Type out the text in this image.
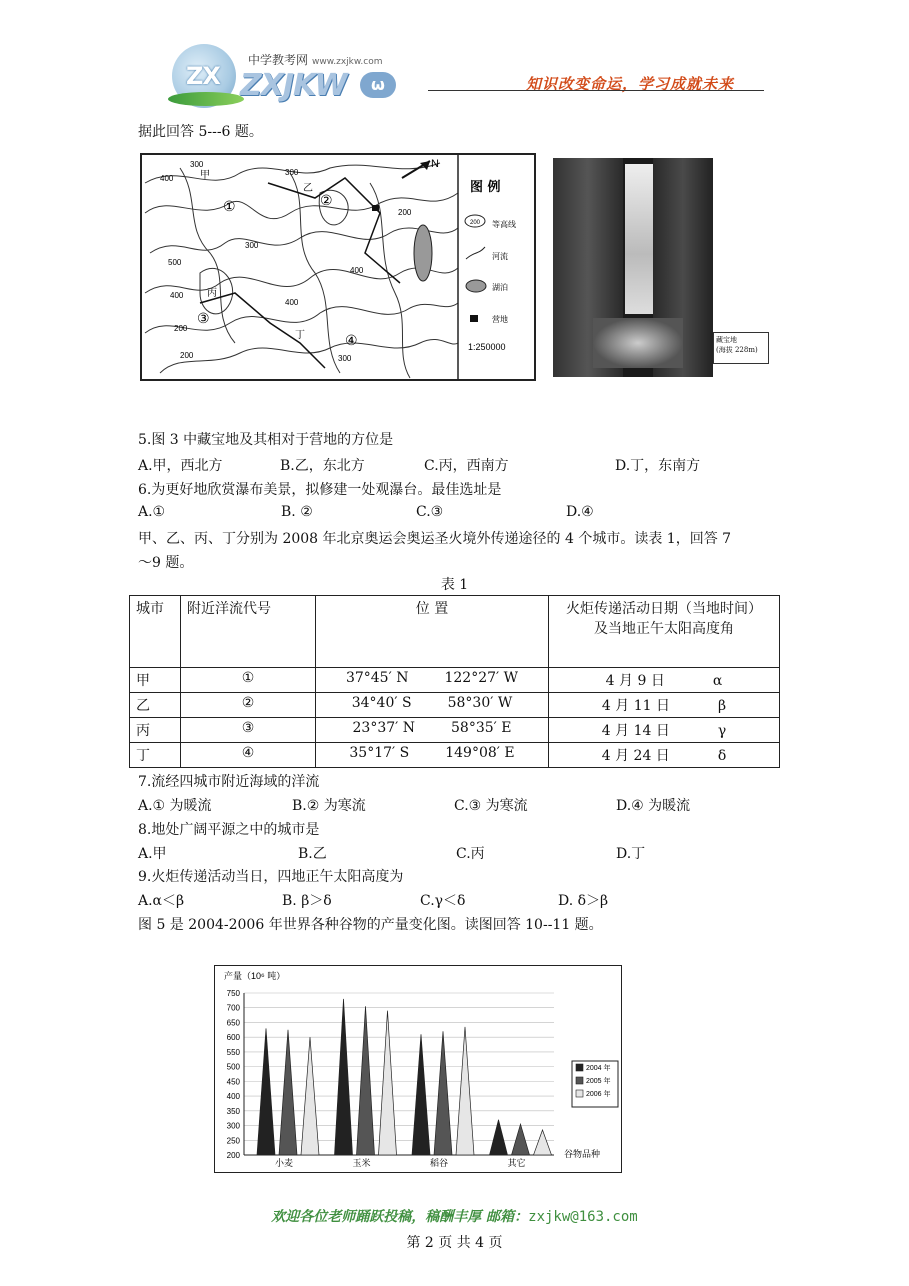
ZX
中学教考网 www.zxjkw.com
ZXJKW	ω	知识改变命运，学习成就未来
据此回答 5---6 题。
N
甲
乙
丙
丁
①	②
③
④
300
400
500
200
300
400
200
300
400
200	300
400
图 例
200 等高线
河流
湖泊
营地
1:250000
藏宝地
(海拔 228m)
5.图 3 中藏宝地及其相对于营地的方位是
A.甲，西北方	B.乙，东北方	C.丙，西南方	D.丁，东南方
6.为更好地欣赏瀑布美景，拟修建一处观瀑台。最佳选址是
A.①	B. ②	C.③	D.④
甲、乙、丙、丁分别为 2008 年北京奥运会奥运圣火境外传递途径的 4 个城市。读表 1，回答 7
～9 题。
表 1
城市	附近洋流代号	位 置	火炬传递活动日期（当地时间）
及当地正午太阳高度角

甲	①	37°45′ N 122°27′ W	4 月 9 日 α
乙	②	34°40′ S 58°30′ W	4 月 11 日 β
丙	③	23°37′ N 58°35′ E	4 月 14 日 γ
丁	④	35°17′ S 149°08′ E	4 月 24 日 δ
7.流经四城市附近海域的洋流
A.① 为暖流	B.② 为寒流	C.③ 为寒流	D.④ 为暖流
8.地处广阔平源之中的城市是
A.甲	B.乙	C.丙	D.丁
9.火炬传递活动当日，四地正午太阳高度为
A.α＜β	B. β＞δ	C.γ＜δ	D. δ＞β
图 5 是 2004-2006 年世界各种谷物的产量变化图。读图回答 10--11 题。
产量（10⁶ 吨）
谷物品种
200
250
300
350
400
450
500
550
600
650
700
750
小麦	玉米	稻谷	其它
2004 年
2005 年
2006 年
欢迎各位老师踊跃投稿，稿酬丰厚 邮箱：zxjkw@163.com
第 2 页 共 4 页
